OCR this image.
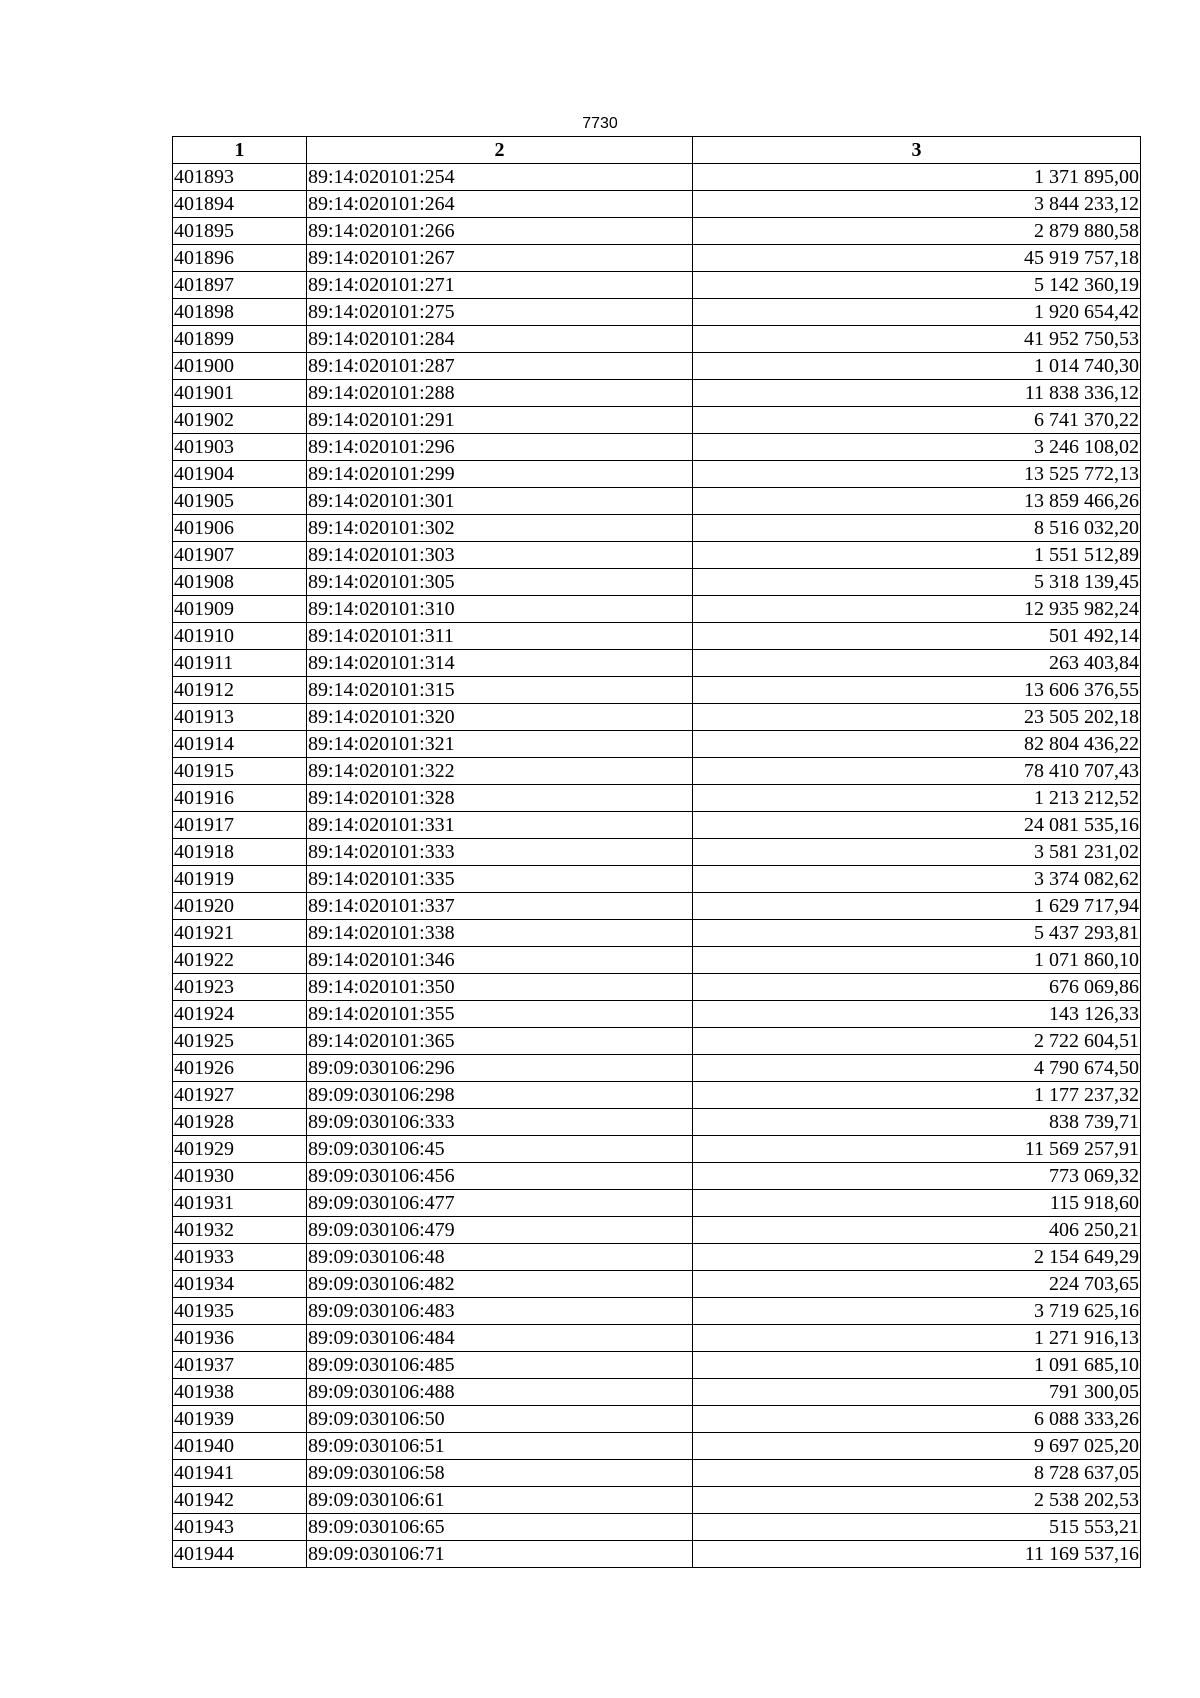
7730
1	2	3
401893	89:14:020101:254	1 371 895,00
401894	89:14:020101:264	3 844 233,12
401895	89:14:020101:266	2 879 880,58
401896	89:14:020101:267	45 919 757,18
401897	89:14:020101:271	5 142 360,19
401898	89:14:020101:275	1 920 654,42
401899	89:14:020101:284	41 952 750,53
401900	89:14:020101:287	1 014 740,30
401901	89:14:020101:288	11 838 336,12
401902	89:14:020101:291	6 741 370,22
401903	89:14:020101:296	3 246 108,02
401904	89:14:020101:299	13 525 772,13
401905	89:14:020101:301	13 859 466,26
401906	89:14:020101:302	8 516 032,20
401907	89:14:020101:303	1 551 512,89
401908	89:14:020101:305	5 318 139,45
401909	89:14:020101:310	12 935 982,24
401910	89:14:020101:311	501 492,14
401911	89:14:020101:314	263 403,84
401912	89:14:020101:315	13 606 376,55
401913	89:14:020101:320	23 505 202,18
401914	89:14:020101:321	82 804 436,22
401915	89:14:020101:322	78 410 707,43
401916	89:14:020101:328	1 213 212,52
401917	89:14:020101:331	24 081 535,16
401918	89:14:020101:333	3 581 231,02
401919	89:14:020101:335	3 374 082,62
401920	89:14:020101:337	1 629 717,94
401921	89:14:020101:338	5 437 293,81
401922	89:14:020101:346	1 071 860,10
401923	89:14:020101:350	676 069,86
401924	89:14:020101:355	143 126,33
401925	89:14:020101:365	2 722 604,51
401926	89:09:030106:296	4 790 674,50
401927	89:09:030106:298	1 177 237,32
401928	89:09:030106:333	838 739,71
401929	89:09:030106:45	11 569 257,91
401930	89:09:030106:456	773 069,32
401931	89:09:030106:477	115 918,60
401932	89:09:030106:479	406 250,21
401933	89:09:030106:48	2 154 649,29
401934	89:09:030106:482	224 703,65
401935	89:09:030106:483	3 719 625,16
401936	89:09:030106:484	1 271 916,13
401937	89:09:030106:485	1 091 685,10
401938	89:09:030106:488	791 300,05
401939	89:09:030106:50	6 088 333,26
401940	89:09:030106:51	9 697 025,20
401941	89:09:030106:58	8 728 637,05
401942	89:09:030106:61	2 538 202,53
401943	89:09:030106:65	515 553,21
401944	89:09:030106:71	11 169 537,16
